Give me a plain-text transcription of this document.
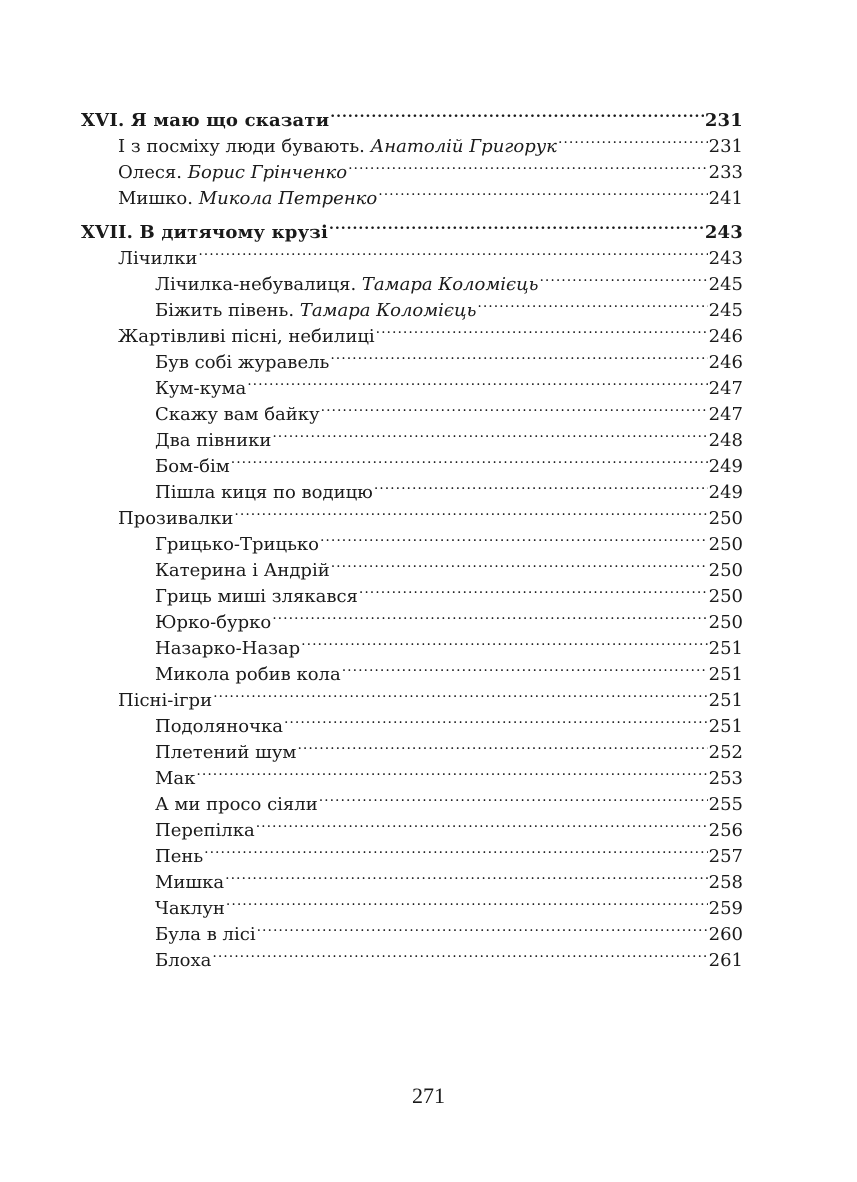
XVI. Я маю що сказати .....	231
І з посміху люди бувають. Анатолій Григорук .....	231
Олеся. Борис Грінченко .....	233
Мишко. Микола Петренко .....	241
XVII. В дитячому крузі .....	243
Лічилки .....	243
Лічилка-небувалиця. Тамара Коломієць .....	245
Біжить півень. Тамара Коломієць .....	245
Жартівливі пісні, небилиці .....	246
Був собі журавель .....	246
Кум-кума .....	247
Скажу вам байку .....	247
Два півники .....	248
Бом-бім .....	249
Пішла киця по водицю .....	249
Прозивалки .....	250
Грицько-Трицько .....	250
Катерина і Андрій .....	250
Гриць миші злякався .....	250
Юрко-бурко .....	250
Назарко-Назар .....	251
Микола робив кола .....	251
Пісні-ігри .....	251
Подоляночка .....	251
Плетений шум .....	252
Мак .....	253
А ми просо сіяли .....	255
Перепілка .....	256
Пень .....	257
Мишка .....	258
Чаклун .....	259
Була в лісі .....	260
Блоха .....	261
271
